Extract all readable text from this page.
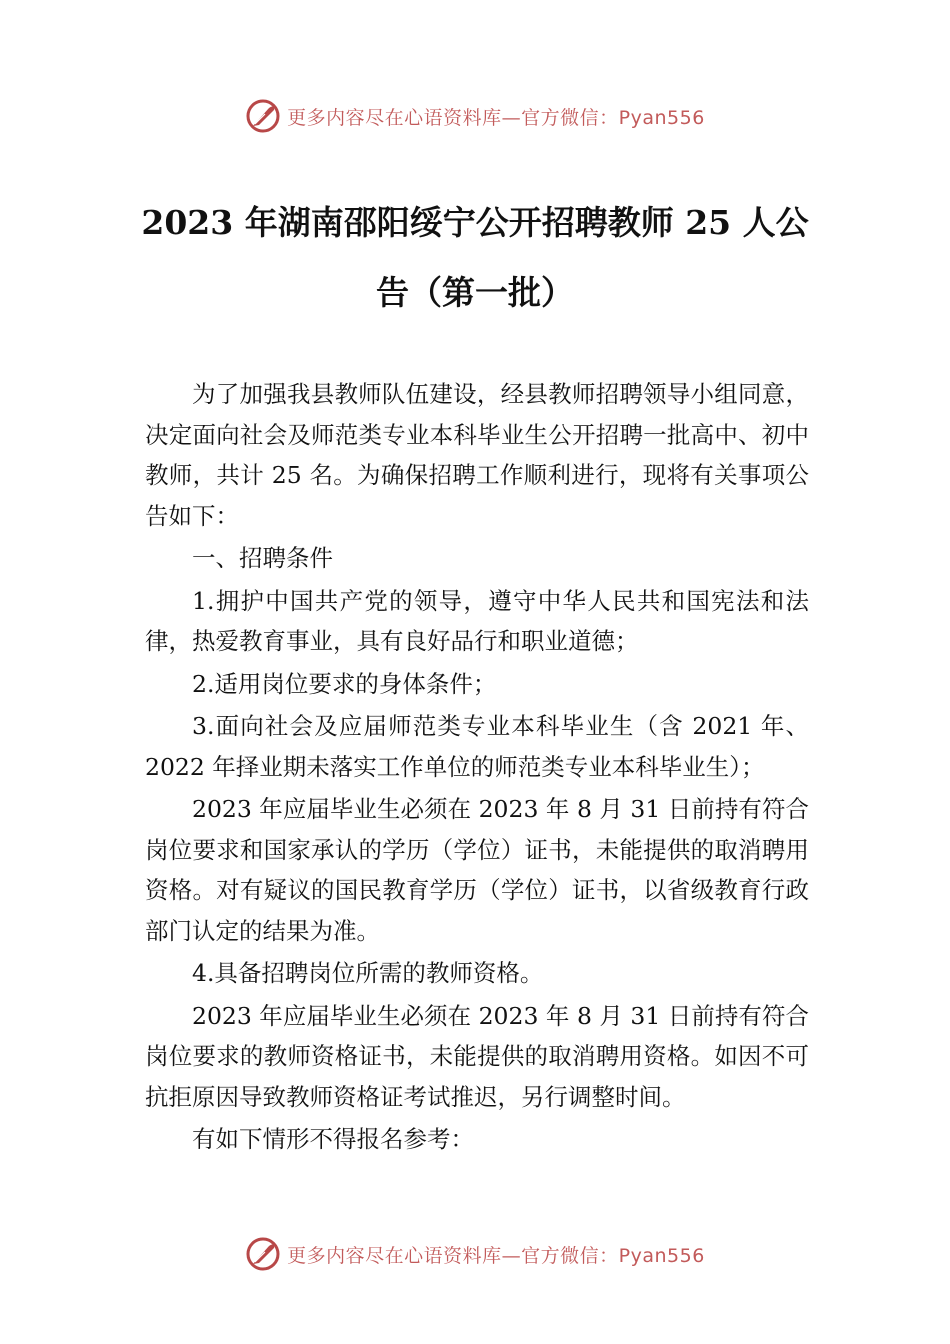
更多内容尽在心语资料库—官方微信：Pyan556
2023 年湖南邵阳绥宁公开招聘教师 25 人公
告（第一批）

为了加强我县教师队伍建设，经县教师招聘领导小组同意，决定面向社会及师范类专业本科毕业生公开招聘一批高中、初中教师，共计 25 名。为确保招聘工作顺利进行，现将有关事项公告如下：

一、招聘条件

1.拥护中国共产党的领导，遵守中华人民共和国宪法和法律，热爱教育事业，具有良好品行和职业道德；

2.适用岗位要求的身体条件；

3.面向社会及应届师范类专业本科毕业生（含 2021 年、2022 年择业期未落实工作单位的师范类专业本科毕业生）；

2023 年应届毕业生必须在 2023 年 8 月 31 日前持有符合岗位要求和国家承认的学历（学位）证书，未能提供的取消聘用资格。对有疑议的国民教育学历（学位）证书，以省级教育行政部门认定的结果为准。

4.具备招聘岗位所需的教师资格。

2023 年应届毕业生必须在 2023 年 8 月 31 日前持有符合岗位要求的教师资格证书，未能提供的取消聘用资格。如因不可抗拒原因导致教师资格证考试推迟，另行调整时间。

有如下情形不得报名参考：

更多内容尽在心语资料库—官方微信：Pyan556
